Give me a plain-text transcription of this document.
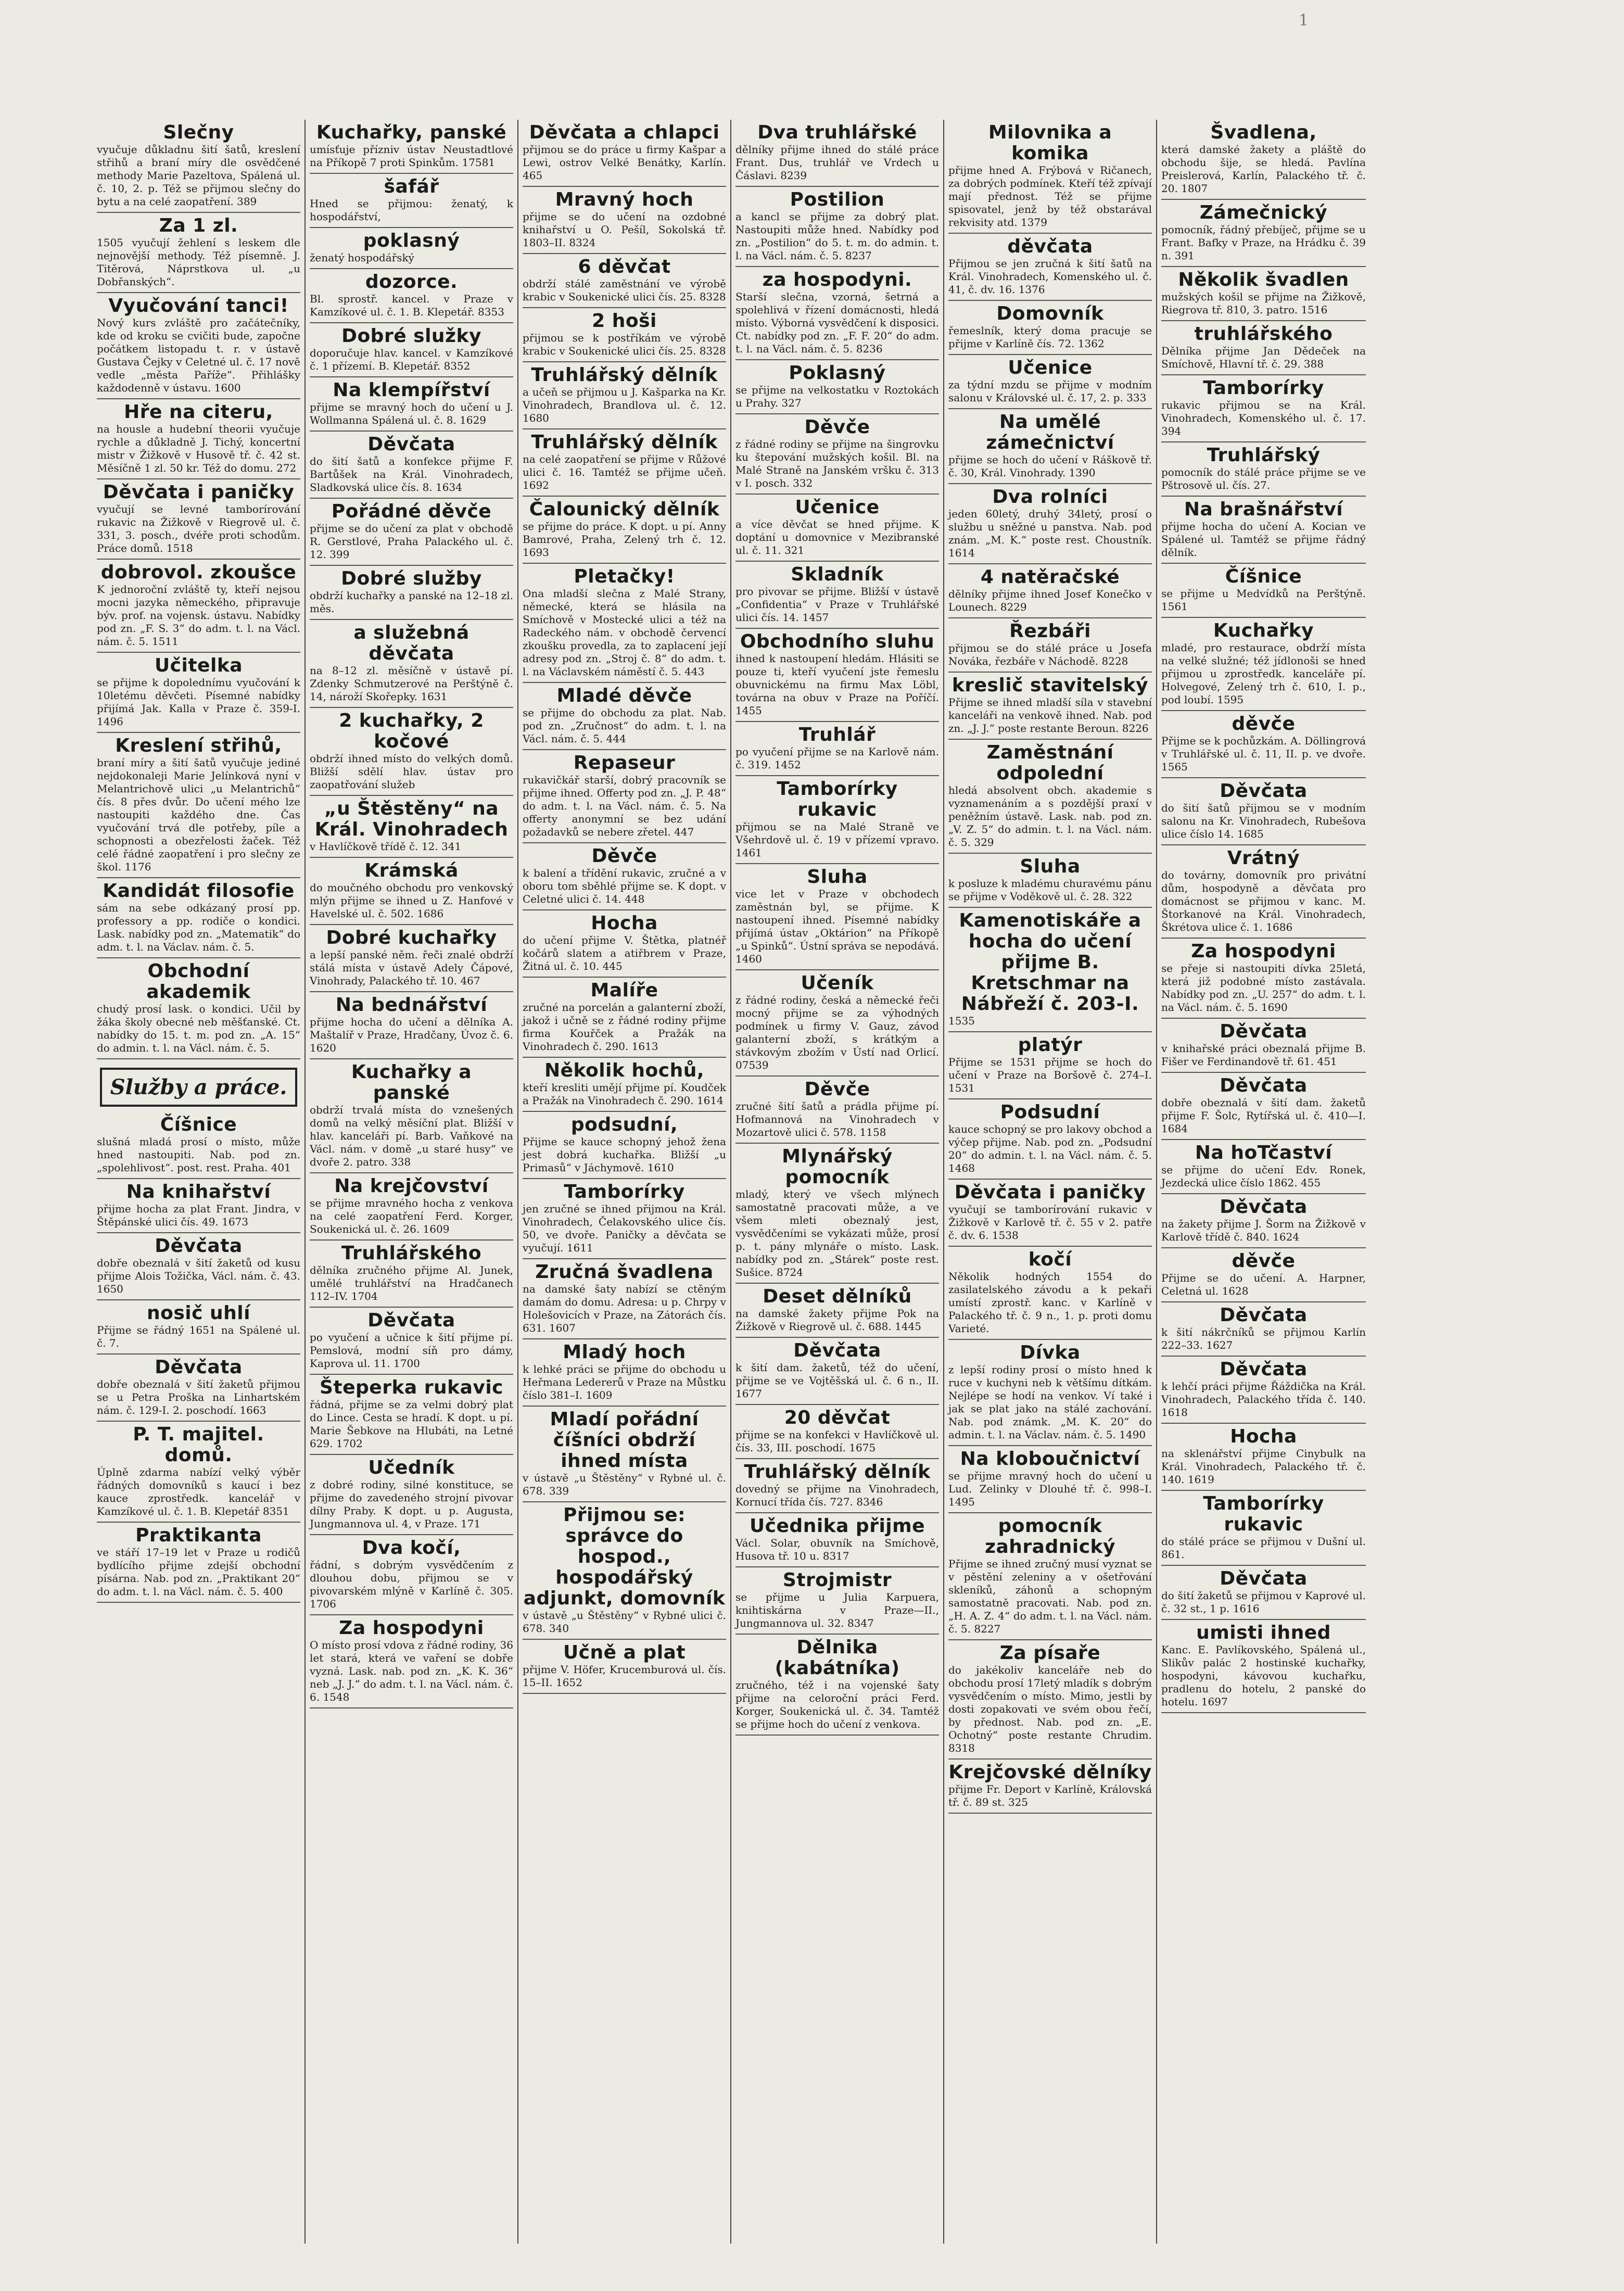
1
Slečny
vyučuje důkladnu šití šatů, kreslení střihů a braní míry dle osvědčené methody Marie Pazeltova, Spálená ul. č. 10, 2. p. Též se přijmou slečny do bytu a na celé zaopatření. 389
Za 1 zl.
1505 vyučují žehlení s leskem dle nejnovější methody. Též písemně. J. Titěrová, Náprstkova ul. „u Dobřanských“.
Vyučování tanci!
Nový kurs zvláště pro začátečníky, kde od kroku se cvičiti bude, započne počátkem listopadu t. r. v ústavě Gustava Čejky v Celetné ul. č. 17 nově vedle „města Paříže“. Přihlášky každodenně v ústavu. 1600
Hře na citeru,
na housle a hudební theorii vyučuje rychle a důkladně J. Tichý, koncertní mistr v Žižkově v Husově tř. č. 42 st. Měsíčně 1 zl. 50 kr. Též do domu. 272
Děvčata i paničky
vyučují se levné tamborírování rukavic na Žižkově v Riegrově ul. č. 331, 3. posch., dvéře proti schodům. Práce domů. 1518
dobrovol. zkoušce
K jednoroční zvláště ty, kteří nejsou mocni jazyka německého, připravuje býv. prof. na vojensk. ústavu. Nabídky pod zn. „F. S. 3“ do adm. t. l. na Václ. nám. č. 5. 1511
Učitelka
se přijme k dopolednímu vyučování k 10letému děvčeti. Písemné nabídky přijímá Jak. Kalla v Praze č. 359-I. 1496
Kreslení střihů,
braní míry a šití šatů vyučuje jediné nejdokonaleji Marie Jelínková nyní v Melantrichově ulici „u Melantrichů“ čís. 8 přes dvůr. Do učení mého lze nastoupiti každého dne. Čas vyučování trvá dle potřeby, píle a schopnosti a obezřelosti žaček. Též celé řádné zaopatření i pro slečny ze škol. 1176
Kandidát filosofie
sám na sebe odkázaný prosí pp. professory a pp. rodiče o kondici. Lask. nabídky pod zn. „Matematik“ do adm. t. l. na Václav. nám. č. 5.
Obchodní akademik
chudý prosí lask. o kondici. Učil by žáka školy obecné neb měšťanské. Ct. nabídky do 15. t. m. pod zn. „A. 15“ do admin. t. l. na Václ. nám. č. 5.
Služby a práce.
Číšnice
slušná mladá prosí o místo, může hned nastoupiti. Nab. pod zn. „spolehlivost“. post. rest. Praha. 401
Na knihařství
přijme hocha za plat Frant. Jindra, v Štěpánské ulici čís. 49. 1673
Děvčata
dobře obeznalá v šití žaketů od kusu přijme Alois Tožička, Václ. nám. č. 43. 1650
nosič uhlí
Přijme se řádný 1651 na Spálené ul. č. 7.
Děvčata
dobře obeznalá v šití žaketů přijmou se u Petra Proška na Linhartském nám. č. 129-I. 2. poschodí. 1663
P. T. majitel. domů.
Úplně zdarma nabízí velký výběr řádných domovníků s kaucí i bez kauce zprostředk. kancelář v Kamzíkové ul. č. 1. B. Klepetář 8351
Praktikanta
ve stáří 17–19 let v Praze u rodičů bydlícího přijme zdejší obchodní písárna. Nab. pod zn. „Praktikant 20“ do adm. t. l. na Václ. nám. č. 5. 400
Kuchařky, panské
umísťuje přízniv ústav Neustadtlové na Příkopě 7 proti Spinkům. 17581
šafář
Hned se přijmou: ženatý, k hospodářství,
poklasný
ženatý hospodářský
dozorce.
Bl. sprostř. kancel. v Praze v Kamzíkové ul. č. 1. B. Klepetář. 8353
Dobré služky
doporučuje hlav. kancel. v Kamzíkové č. 1 přízemí. B. Klepetář. 8352
Na klempířství
přijme se mravný hoch do učení u J. Wollmanna Spálená ul. č. 8. 1629
Děvčata
do šití šatů a konfekce přijme F. Bartůšek na Král. Vinohradech, Sladkovská ulice čís. 8. 1634
Pořádné děvče
přijme se do učení za plat v obchodě R. Gerstlové, Praha Palackého ul. č. 12. 399
Dobré služby
obdrží kuchařky a panské na 12–18 zl. měs.
a služebná děvčata
na 8–12 zl. měsíčně v ústavě pí. Zdenky Schmutzerové na Perštýně č. 14, nároží Skořepky. 1631
2 kuchařky, 2 kočové
obdrží ihned místo do velkých domů. Bližší sdělí hlav. ústav pro zaopatřování služeb
„u Štěstěny“ na Král. Vinohradech
v Havlíčkově třídě č. 12. 341
Krámská
do moučného obchodu pro venkovský mlýn přijme se ihned u Z. Hanfové v Havelské ul. č. 502. 1686
Dobré kuchařky
a lepší panské něm. řeči znalé obdrží stálá místa v ústavě Adely Čápové, Vinohrady, Palackého tř. 10. 467
Na bednářství
přijme hocha do učení a dělníka A. Maštalíř v Praze, Hradčany, Úvoz č. 6. 1620
Kuchařky a panské
obdrží trvalá místa do vznešených domů na velký měsíční plat. Bližší v hlav. kanceláři pí. Barb. Vaňkové na Václ. nám. v domě „u staré husy“ ve dvoře 2. patro. 338
Na krejčovství
se přijme mravného hocha z venkova na celé zaopatření Ferd. Korger, Soukenická ul. č. 26. 1609
Truhlářského
dělníka zručného přijme Al. Junek, umělé truhlářství na Hradčanech 112–IV. 1704
Děvčata
po vyučení a učnice k šití přijme pí. Pemslová, modní síň pro dámy, Kaprova ul. 11. 1700
Šteperka rukavic
řádná, přijme se za velmi dobrý plat do Lince. Cesta se hradí. K dopt. u pí. Marie Šebkove na Hlubáti, na Letné 629. 1702
Učedník
z dobré rodiny, silné konstituce, se přijme do zavedeného strojní pivovar dílny Praby. K dopt. u p. Augusta, Jungmannova ul. 4, v Praze. 171
Dva kočí,
řádní, s dobrým vysvědčením z dlouhou dobu, přijmou se v pivovarském mlýně v Karlíně č. 305. 1706
Za hospodyni
O místo prosí vdova z řádné rodiny, 36 let stará, která ve vaření se dobře vyzná. Lask. nab. pod zn. „K. K. 36“ neb „J. J.“ do adm. t. l. na Václ. nám. č. 6. 1548
Děvčata a chlapci
přijmou se do práce u firmy Kašpar a Lewi, ostrov Velké Benátky, Karlín. 465
Mravný hoch
přijme se do učení na ozdobné knihařství u O. Pešíl, Sokolská tř. 1803–II. 8324
6 děvčat
obdrží stálé zaměstnání ve výrobě krabic v Soukenické ulici čís. 25. 8328
2 hoši
přijmou se k postříkám ve výrobě krabic v Soukenické ulici čís. 25. 8328
Truhlářský dělník
a učeň se přijmou u J. Kašparka na Kr. Vinohradech, Brandlova ul. č. 12. 1680
Truhlářský dělník
na celé zaopatření se přijme v Růžové ulici č. 16. Tamtéž se přijme učeň. 1692
Čalounický dělník
se přijme do práce. K dopt. u pí. Anny Bamrové, Praha, Zelený trh č. 12. 1693
Pletačky!
Ona mladší slečna z Malé Strany, německé, která se hlásila na Smíchově v Mostecké ulici a též na Radeckého nám. v obchodě červencí zkoušku provedla, za to zaplacení její adresy pod zn. „Stroj č. 8“ do adm. t. l. na Václavském náměstí č. 5. 443
Mladé děvče
se přijme do obchodu za plat. Nab. pod zn. „Zručnost“ do adm. t. l. na Václ. nám. č. 5. 444
Repaseur
rukavičkář starší, dobrý pracovník se přijme ihned. Offerty pod zn. „J. P. 48“ do adm. t. l. na Václ. nám. č. 5. Na offerty anonymní se bez udání požadavků se nebere zřetel. 447
Děvče
k balení a třídění rukavic, zručné a v oboru tom sběhlé přijme se. K dopt. v Celetné ulici č. 14. 448
Hocha
do učení přijme V. Štětka, platnéř kočárů slatem a atiřbrem v Praze, Žitná ul. č. 10. 445
Malíře
zručné na porcelán a galanterní zboží, jakož i učně se z řádné rodiny přijme firma Kouřček a Pražák na Vinohradech č. 290. 1613
Několik hochů,
kteří kresliti umějí přijme pí. Koudček a Pražák na Vinohradech č. 290. 1614
podsudní,
Přijme se kauce schopný jehož žena jest dobrá kuchařka. Bližší „u Primasů“ v Jáchymově. 1610
Tamborírky
jen zručné se ihned přijmou na Král. Vinohradech, Čelakovského ulice čís. 50, ve dvoře. Paničky a děvčata se vyučují. 1611
Zručná švadlena
na damské šaty nabízí se ctěným damám do domu. Adresa: u p. Chrpy v Holešovicích v Praze, na Zátorách čís. 631. 1607
Mladý hoch
k lehké práci se přijme do obchodu u Heřmana Ledererů v Praze na Můstku číslo 381–I. 1609
Mladí pořádní číšníci obdrží ihned místa
v ústavě „u Štěstěny“ v Rybné ul. č. 678. 339
Přijmou se: správce do hospod., hospodářský adjunkt, domovník
v ústavě „u Štěstěny“ v Rybné ulici č. 678. 340
Učně a plat
přijme V. Höfer, Krucemburová ul. čís. 15–II. 1652
Dva truhlářské
dělníky přijme ihned do stálé práce Frant. Dus, truhlář ve Vrdech u Čáslavi. 8239
Postilion
a kancl se přijme za dobrý plat. Nastoupiti může hned. Nabídky pod zn. „Postilion“ do 5. t. m. do admin. t. l. na Václ. nám. č. 5. 8237
za hospodyni.
Starší slečna, vzorná, šetrná a spolehlivá v řízení domácnosti, hledá místo. Výborná vysvědčení k disposici. Ct. nabídky pod zn. „F. F. 20“ do adm. t. l. na Václ. nám. č. 5. 8236
Poklasný
se přijme na velkostatku v Roztokách u Prahy. 327
Děvče
z řádné rodiny se přijme na šingrovku ku štepování mužských košil. Bl. na Malé Straně na Janském vršku č. 313 v I. posch. 332
Učenice
a více děvčat se hned přijme. K doptání u domovnice v Mezibranské ul. č. 11. 321
Skladník
pro pivovar se přijme. Bližší v ústavě „Confidentia“ v Praze v Truhlářské ulici čís. 14. 1457
Obchodního sluhu
ihned k nastoupení hledám. Hlásiti se pouze ti, kteří vyučení jste řemeslu obuvnickému na firmu Max Löbl, továrna na obuv v Praze na Poříčí. 1455
Truhlář
po vyučení přijme se na Karlově nám. č. 319. 1452
Tamborírky rukavic
přijmou se na Malé Straně ve Všehrdově ul. č. 19 v přízemí vpravo. 1461
Sluha
vice let v Praze v obchodech zaměstnán byl, se přijme. K nastoupení ihned. Písemné nabídky přijímá ústav „Oktárion“ na Příkopě „u Spinků“. Ústní správa se nepodává. 1460
Učeník
z řádné rodiny, česká a německé řeči mocný přijme se za výhodných podmínek u firmy V. Gauz, závod galanterní zboží, s krátkým a stávkovým zbožím v Ústí nad Orlicí. 07539
Děvče
zručné šití šatů a prádla přijme pí. Hofmannová na Vinohradech v Mozartově ulici č. 578. 1158
Mlynářský pomocník
mladý, který ve všech mlýnech samostatně pracovati může, a ve všem mleti obeznalý jest, vysvědčeními se vykázati může, prosí p. t. pány mlynáře o místo. Lask. nabídky pod zn. „Stárek“ poste rest. Sušice. 8724
Deset dělníků
na damské žakety přijme Pok na Žižkově v Riegrově ul. č. 688. 1445
Děvčata
k šití dam. žaketů, též do učení, přijme se ve Vojtěšská ul. č. 6 n., II. 1677
20 děvčat
přijme se na konfekci v Havlíčkově ul. čís. 33, III. poschodí. 1675
Truhlářský dělník
dovedný se přijme na Vinohradech, Kornucí třída čís. 727. 8346
Učednika přijme
Václ. Solar, obuvník na Smíchově, Husova tř. 10 u. 8317
Strojmistr
se přijme u Julia Karpuera, knihtiskárna v Praze—II., Jungmannova ul. 32. 8347
Dělnika (kabátníka)
zručného, též i na vojenské šaty přijme na celoroční práci Ferd. Korger, Soukenická ul. č. 34. Tamtéž se přijme hoch do učení z venkova.
Milovnika a komika
přijme hned A. Frýbová v Ričanech, za dobrých podmínek. Kteří též zpívají mají přednost. Též se přijme spisovatel, jenž by též obstarával rekvisity atd. 1379
děvčata
Přijmou se jen zručná k šití šatů na Král. Vinohradech, Komenského ul. č. 41, č. dv. 16. 1376
Domovník
řemeslník, který doma pracuje se přijme v Karlíně čís. 72. 1362
Učenice
za týdní mzdu se přijme v modním salonu v Královské ul. č. 17, 2. p. 333
Na umělé zámečnictví
přijme se hoch do učení v Ráškově tř. č. 30, Král. Vinohrady. 1390
Dva rolníci
jeden 60letý, druhý 34letý, prosí o službu u sněžné u panstva. Nab. pod znám. „M. K.“ poste rest. Choustník. 1614
4 natěračské
dělníky přijme ihned Josef Konečko v Lounech. 8229
Řezbáři
přijmou se do stálé práce u Josefa Nováka, řezbáře v Náchodě. 8228
kreslič stavitelský
Přijme se ihned mladší síla v stavební kanceláři na venkově ihned. Nab. pod zn. „J. J.“ poste restante Beroun. 8226
Zaměstnání odpolední
hledá absolvent obch. akademie s vyznamenáním a s pozdější praxí v peněžním ústavě. Lask. nab. pod zn. „V. Z. 5“ do admin. t. l. na Václ. nám. č. 5. 329
Sluha
k posluze k mladému churavému pánu se přijme v Voděkově ul. č. 28. 322
Kamenotiskáře a hocha do učení přijme B. Kretschmar na Nábřeží č. 203-I.
1535
platýr
Přijme se 1531 přijme se hoch do učení v Praze na Boršově č. 274–I. 1531
Podsudní
kauce schopný se pro lakovy obchod a výčep přijme. Nab. pod zn. „Podsudní 20“ do admin. t. l. na Václ. nám. č. 5. 1468
Děvčata i paničky
vyučují se tamborírování rukavic v Žižkově v Karlově tř. č. 55 v 2. patře č. dv. 6. 1538
kočí
Několik hodných 1554 do zasilatelského závodu a k pekaři umístí zprostř. kanc. v Karlíně v Palackého tř. č. 9 n., 1. p. proti domu Varieté.
Dívka
z lepší rodiny prosí o místo hned k ruce v kuchyni neb k většímu dítkám. Nejlépe se hodí na venkov. Ví také i jak se plat jako na stálé zachování. Nab. pod známk. „M. K. 20“ do admin. t. l. na Václav. nám. č. 5. 1490
Na kloboučnictví
se přijme mravný hoch do učení u Lud. Zelinky v Dlouhé tř. č. 998–I. 1495
pomocník zahradnický
Přijme se ihned zručný musí vyznat se v pěstění zeleniny a v ošetřování skleníků, záhonů a schopným samostatně pracovati. Nab. pod zn. „H. A. Z. 4“ do adm. t. l. na Václ. nám. č. 5. 8227
Za písaře
do jakékoliv kanceláře neb do obchodu prosí 17letý mladík s dobrým vysvědčením o místo. Mimo, jestli by dosti zopakovati ve svém obou řečí, by přednost. Nab. pod zn. „E. Ochotný“ poste restante Chrudim. 8318
Krejčovské dělníky
přijme Fr. Deport v Karlíně, Královská tř. č. 89 st. 325
Švadlena,
která damské žakety a pláště do obchodu šije, se hledá. Pavlína Preislerová, Karlín, Palackého tř. č. 20. 1807
Zámečnický
pomocník, řádný přebíječ, přijme se u Frant. Bafky v Praze, na Hrádku č. 39 n. 391
Několik švadlen
mužských košil se přijme na Žižkově, Riegrova tř. 810, 3. patro. 1516
truhlářského
Dělníka přijme Jan Dědeček na Smíchově, Hlavní tř. č. 29. 388
Tamborírky
rukavic přijmou se na Král. Vinohradech, Komenského ul. č. 17. 394
Truhlářský
pomocník do stálé práce přijme se ve Pštrosově ul. čís. 27.
Na brašnářství
přijme hocha do učení A. Kocian ve Spálené ul. Tamtéž se přijme řádný dělník.
Číšnice
se přijme u Medvídků na Perštýně. 1561
Kuchařky
mladé, pro restaurace, obdrží místa na velké služné; též jídlonoši se hned přijmou u zprostředk. kanceláře pí. Holvegové, Zelený trh č. 610, I. p., pod loubí. 1595
děvče
Přijme se k pochůzkám. A. Döllingrová v Truhlářské ul. č. 11, II. p. ve dvoře. 1565
Děvčata
do šití šatů přijmou se v modním salonu na Kr. Vinohradech, Rubešova ulice číslo 14. 1685
Vrátný
do továrny, domovník pro privátní dům, hospodyně a děvčata pro domácnost se přijmou v kanc. M. Štorkanové na Král. Vinohradech, Škrétova ulice č. 1. 1686
Za hospodyni
se přeje si nastoupiti dívka 25letá, která již podobné místo zastávala. Nabídky pod zn. „U. 257“ do adm. t. l. na Václ. nám. č. 5. 1690
Děvčata
v knihařské práci obeznalá přijme B. Fišer ve Ferdinandově tř. 61. 451
Děvčata
dobře obeznalá v šití dam. žaketů přijme F. Šolc, Rytířská ul. č. 410—I. 1684
Na hoTčaství
se přijme do učení Edv. Ronek, Jezdecká ulice číslo 1862. 455
Děvčata
na žakety přijme J. Šorm na Žižkově v Karlově třídě č. 840. 1624
děvče
Přijme se do učení. A. Harpner, Celetná ul. 1628
Děvčata
k šití nákrčníků se přijmou Karlín 222–33. 1627
Děvčata
k lehčí práci přijme Řáždička na Král. Vinohradech, Palackého třída č. 140. 1618
Hocha
na sklenářství přijme Cinybulk na Král. Vinohradech, Palackého tř. č. 140. 1619
Tamborírky rukavic
do stálé práce se přijmou v Dušní ul. 861.
Děvčata
do šití žaketů se přijmou v Kaprové ul. č. 32 st., 1 p. 1616
umisti ihned
Kanc. E. Pavlíkovského, Spálená ul., Slikův palác 2 hostinské kuchařky, hospodyni, kávovou kuchařku, pradlenu do hotelu, 2 panské do hotelu. 1697
